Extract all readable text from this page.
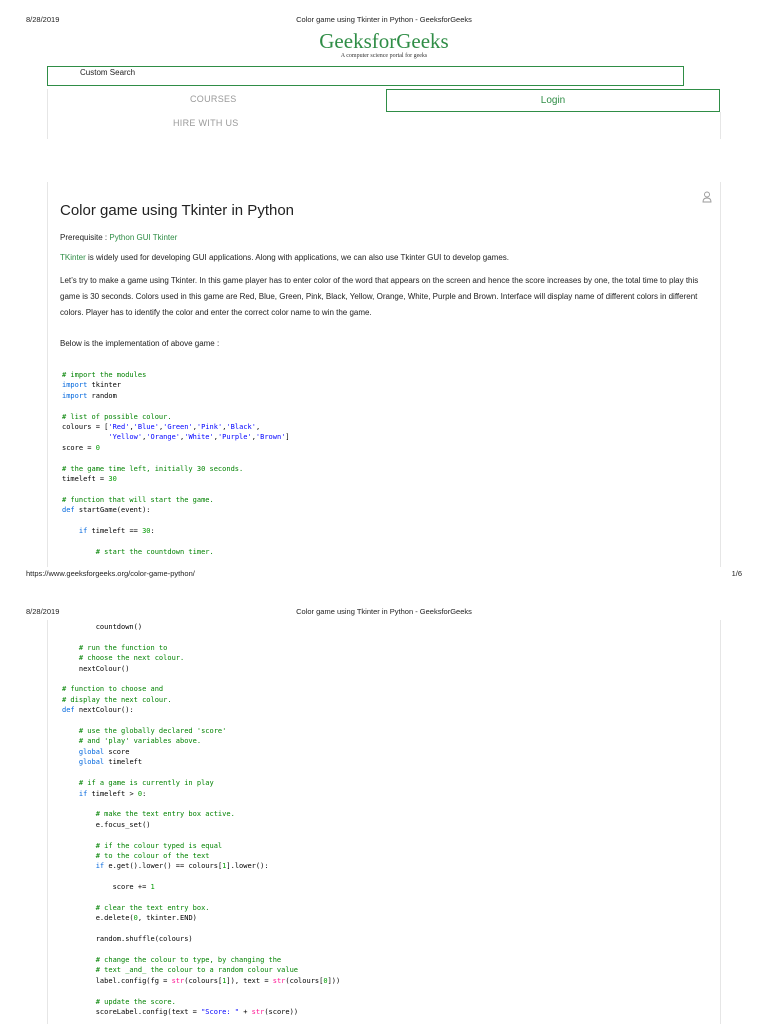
8/28/2019	Color game using Tkinter in Python - GeeksforGeeks
GeeksforGeeks
A computer science portal for geeks
Custom Search
COURSES	Login
HIRE WITH US
Color game using Tkinter in Python
Prerequisite : Python GUI Tkinter
TKinter is widely used for developing GUI applications. Along with applications, we can also use Tkinter GUI to develop games.
Let’s try to make a game using Tkinter. In this game player has to enter color of the word that appears on the screen and hence the score increases by one, the total time to play this game is 30 seconds. Colors used in this game are Red, Blue, Green, Pink, Black, Yellow, Orange, White, Purple and Brown. Interface will display name of different colors in different colors. Player has to identify the color and enter the correct color name to win the game.
Below is the implementation of above game :
# import the modules
import tkinter
import random

# list of possible colour.
colours = ['Red','Blue','Green','Pink','Black',
'Yellow','Orange','White','Purple','Brown']
score = 0

# the game time left, initially 30 seconds.
timeleft = 30

# function that will start the game.
def startGame(event):

if timeleft == 30:

# start the countdown timer.
https://www.geeksforgeeks.org/color-game-python/	1/6
8/28/2019	Color game using Tkinter in Python - GeeksforGeeks
countdown()

# run the function to
# choose the next colour.
nextColour()

# function to choose and
# display the next colour.
def nextColour():

# use the globally declared 'score'
# and 'play' variables above.
global score
global timeleft

# if a game is currently in play
if timeleft > 0:

# make the text entry box active.
e.focus_set()

# if the colour typed is equal
# to the colour of the text
if e.get().lower() == colours[1].lower():

score += 1

# clear the text entry box.
e.delete(0, tkinter.END)

random.shuffle(colours)

# change the colour to type, by changing the
# text _and_ the colour to a random colour value
label.config(fg = str(colours[1]), text = str(colours[0]))

# update the score.
scoreLabel.config(text = "Score: " + str(score))
